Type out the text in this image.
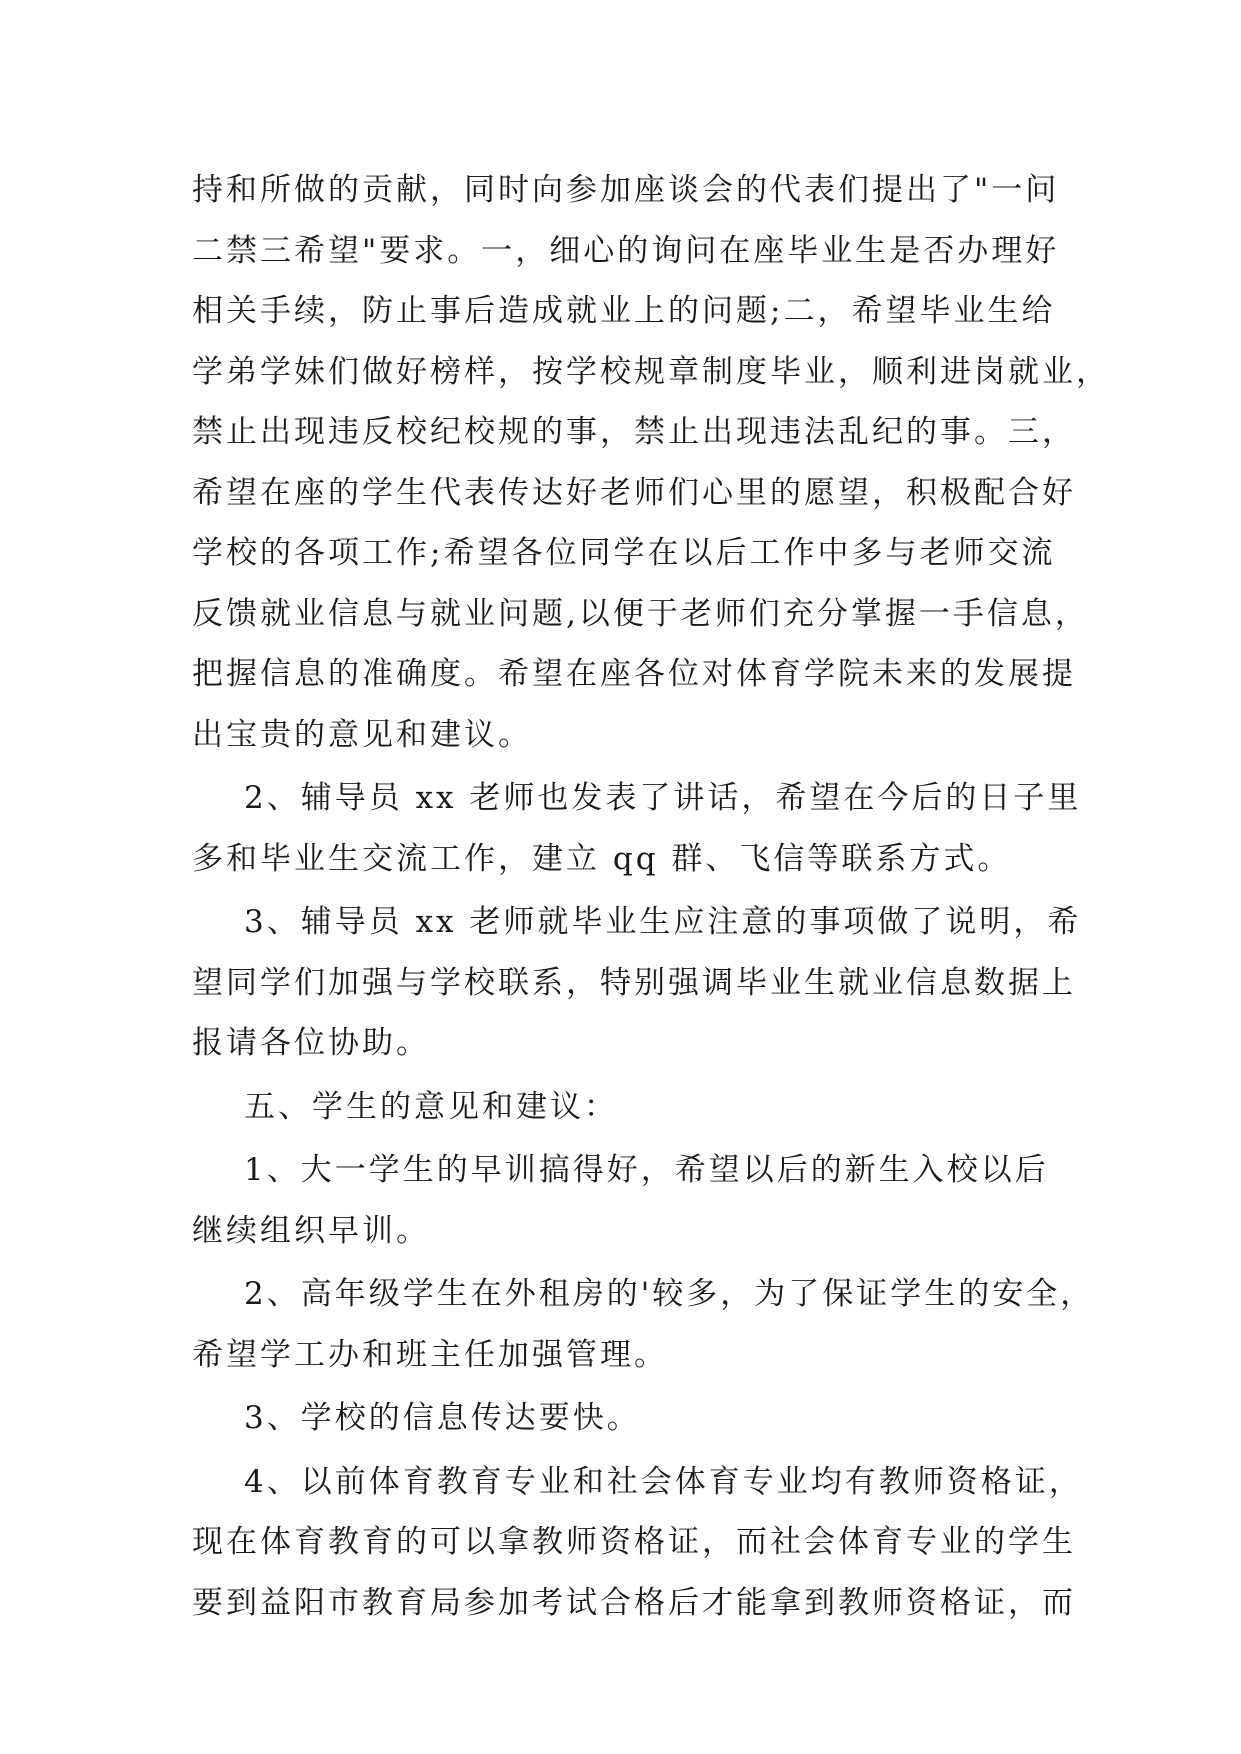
持和所做的贡献，同时向参加座谈会的代表们提出了"一问
二禁三希望"要求。一，细心的询问在座毕业生是否办理好
相关手续，防止事后造成就业上的问题;二，希望毕业生给
学弟学妹们做好榜样，按学校规章制度毕业，顺利进岗就业，
禁止出现违反校纪校规的事，禁止出现违法乱纪的事。三，
希望在座的学生代表传达好老师们心里的愿望，积极配合好
学校的各项工作;希望各位同学在以后工作中多与老师交流
反馈就业信息与就业问题,以便于老师们充分掌握一手信息，
把握信息的准确度。希望在座各位对体育学院未来的发展提
出宝贵的意见和建议。
2、辅导员 xx 老师也发表了讲话，希望在今后的日子里
多和毕业生交流工作，建立 qq 群、飞信等联系方式。
3、辅导员 xx 老师就毕业生应注意的事项做了说明，希
望同学们加强与学校联系，特别强调毕业生就业信息数据上
报请各位协助。
五、学生的意见和建议：
1、大一学生的早训搞得好，希望以后的新生入校以后
继续组织早训。
2、高年级学生在外租房的'较多，为了保证学生的安全，
希望学工办和班主任加强管理。
3、学校的信息传达要快。
4、以前体育教育专业和社会体育专业均有教师资格证，
现在体育教育的可以拿教师资格证，而社会体育专业的学生
要到益阳市教育局参加考试合格后才能拿到教师资格证，而
